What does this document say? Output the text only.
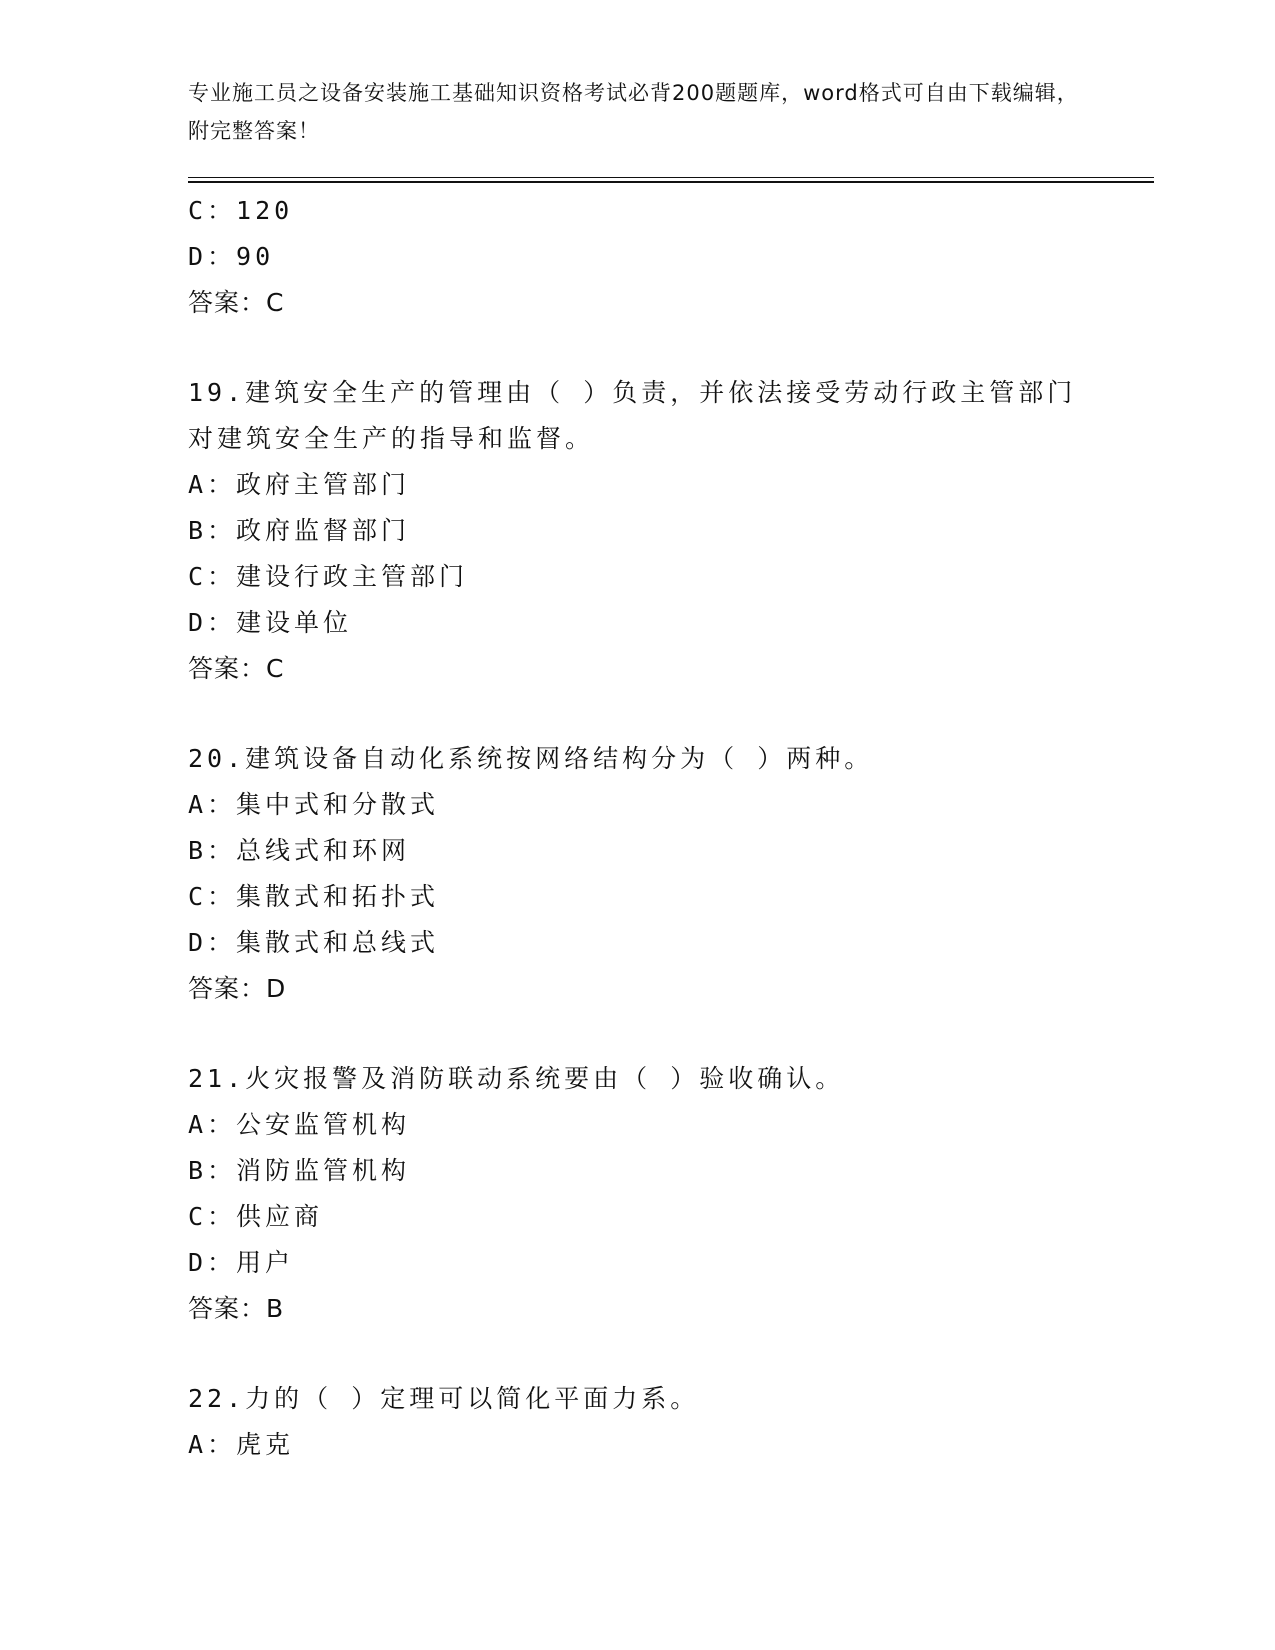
专业施工员之设备安装施工基础知识资格考试必背200题题库，word格式可自由下载编辑，附完整答案！
C：120
D：90
答案：C
19.建筑安全生产的管理由（ ）负责，并依法接受劳动行政主管部门对建筑安全生产的指导和监督。
A：政府主管部门
B：政府监督部门
C：建设行政主管部门
D：建设单位
答案：C
20.建筑设备自动化系统按网络结构分为（ ）两种。
A：集中式和分散式
B：总线式和环网
C：集散式和拓扑式
D：集散式和总线式
答案：D
21.火灾报警及消防联动系统要由（ ）验收确认。
A：公安监管机构
B：消防监管机构
C：供应商
D：用户
答案：B
22.力的（ ）定理可以简化平面力系。
A：虎克
